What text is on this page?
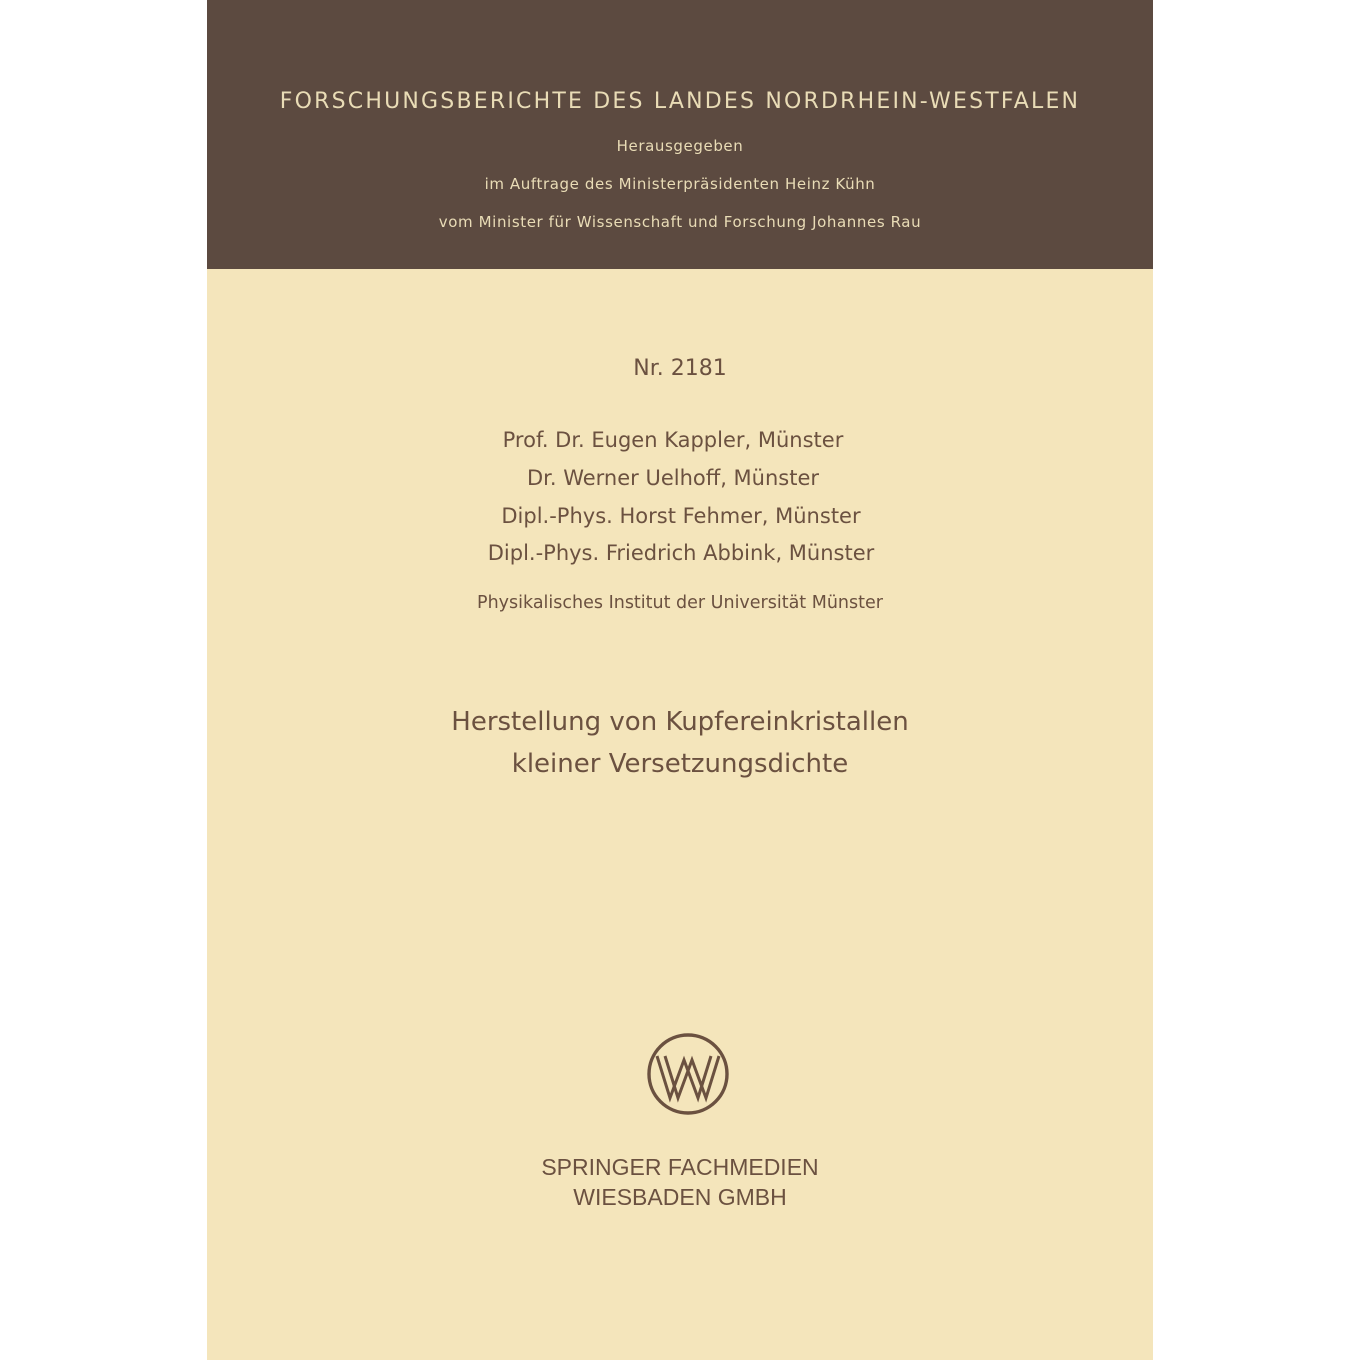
FORSCHUNGSBERICHTE DES LANDES NORDRHEIN-WESTFALEN
Herausgegeben
im Auftrage des Ministerpräsidenten Heinz Kühn
vom Minister für Wissenschaft und Forschung Johannes Rau
Nr. 2181
Prof. Dr. Eugen Kappler, Münster
Dr. Werner Uelhoff, Münster
Dipl.-Phys. Horst Fehmer, Münster
Dipl.-Phys. Friedrich Abbink, Münster
Physikalisches Institut der Universität Münster
Herstellung von Kupfereinkristallen
kleiner Versetzungsdichte
SPRINGER FACHMEDIEN
WIESBADEN GMBH
